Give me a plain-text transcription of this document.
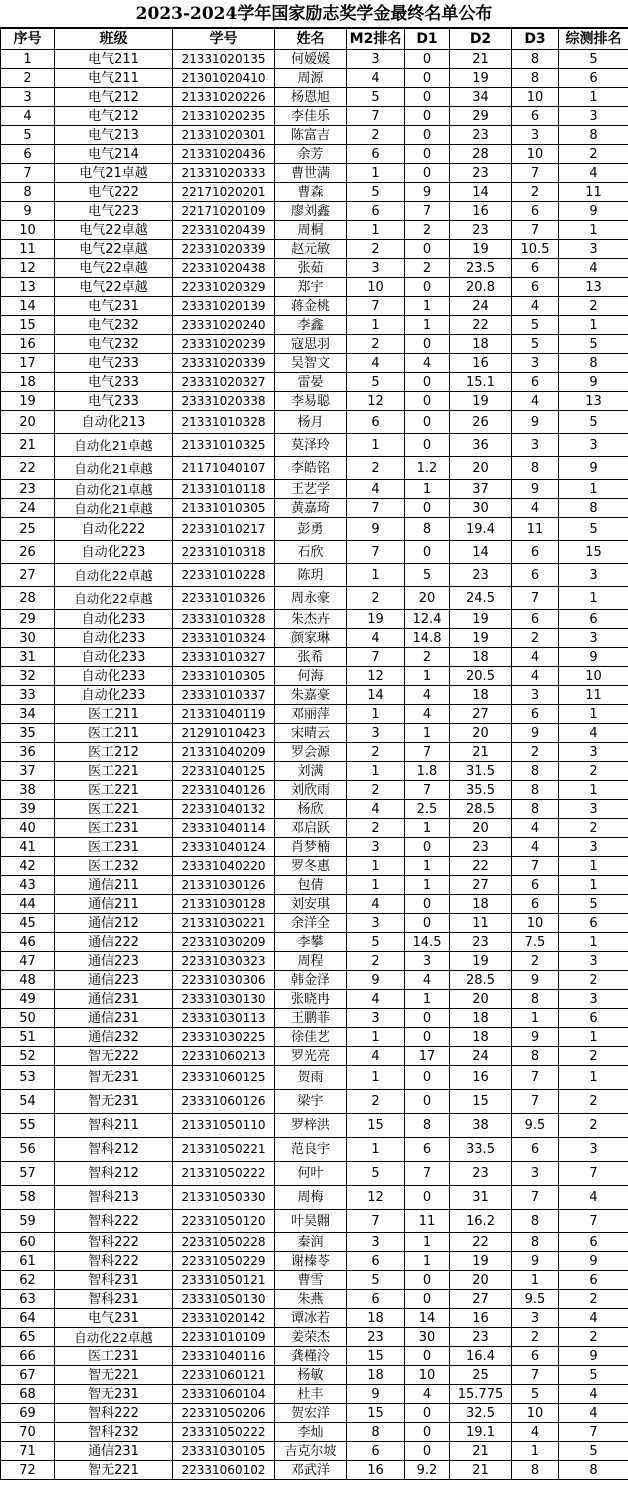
2023-2024学年国家励志奖学金最终名单公布
序号	班级	学号	姓名	M2排名	D1	D2	D3	综测排名
1	电气211	21331020135	何嫒媛	3	0	21	8	5
2	电气211	21301020410	周源	4	0	19	8	6
3	电气212	21331020226	杨恩旭	5	0	34	10	1
4	电气212	21331020235	李佳乐	7	0	29	6	3
5	电气213	21331020301	陈富吉	2	0	23	3	8
6	电气214	21331020436	余芳	6	0	28	10	2
7	电气21卓越	21331020333	曹世满	1	0	23	7	4
8	电气222	22171020201	曹森	5	9	14	2	11
9	电气223	22171020109	廖刘鑫	6	7	16	6	9
10	电气22卓越	22331020439	周桐	1	2	23	7	1
11	电气22卓越	22331020339	赵元敏	2	0	19	10.5	3
12	电气22卓越	22331020438	张茹	3	2	23.5	6	4
13	电气22卓越	22331020329	郑宇	10	0	20.8	6	13
14	电气231	23331020139	蒋金桃	7	1	24	4	2
15	电气232	23331020240	李鑫	1	1	22	5	1
16	电气232	23331020239	寇思羽	2	0	18	5	5
17	电气233	23331020339	吴智文	4	4	16	3	8
18	电气233	23331020327	雷晏	5	0	15.1	6	9
19	电气233	23331020338	李易聪	12	0	19	4	13
20	自动化213	21331010328	杨月	6	0	26	9	5
21	自动化21卓越	21331010325	莫泽玲	1	0	36	3	3
22	自动化21卓越	21171040107	李皓铭	2	1.2	20	8	9
23	自动化21卓越	21331010118	王艺学	4	1	37	9	1
24	自动化21卓越	21331010305	黄嘉琦	7	0	30	4	8
25	自动化222	22331010217	彭勇	9	8	19.4	11	5
26	自动化223	22331010318	石欣	7	0	14	6	15
27	自动化22卓越	22331010228	陈玥	1	5	23	6	3
28	自动化22卓越	22331010326	周永豪	2	20	24.5	7	1
29	自动化233	23331010328	朱杰卉	19	12.4	19	6	6
30	自动化233	23331010324	颜家琳	4	14.8	19	2	3
31	自动化233	23331010327	张希	7	2	18	4	9
32	自动化233	23331010305	何海	12	1	20.5	4	10
33	自动化233	23331010337	朱嘉豪	14	4	18	3	11
34	医工211	21331040119	邓丽萍	1	4	27	6	1
35	医工211	21291010423	宋晴云	3	1	20	9	4
36	医工212	21331040209	罗会源	2	7	21	2	3
37	医工221	22331040125	刘满	1	1.8	31.5	8	2
38	医工221	22331040126	刘欣雨	2	7	35.5	8	1
39	医工221	22331040132	杨欣	4	2.5	28.5	8	3
40	医工231	23331040114	邓启跃	2	1	20	4	2
41	医工231	23331040124	肖梦楠	3	0	23	4	3
42	医工232	23331040220	罗冬惠	1	1	22	7	1
43	通信211	21331030126	包倩	1	1	27	6	1
44	通信211	21331030128	刘安琪	4	0	18	6	5
45	通信212	21331030221	余洋全	3	0	11	10	6
46	通信222	22331030209	李攀	5	14.5	23	7.5	1
47	通信223	22331030323	周程	2	3	19	2	3
48	通信223	22331030306	韩金泽	9	4	28.5	9	2
49	通信231	23331030130	张晓冉	4	1	20	8	3
50	通信231	23331030113	王鹏菲	3	0	18	1	6
51	通信232	23331030225	徐佳艺	1	0	18	9	1
52	智无222	22331060213	罗光亮	4	17	24	8	2
53	智无231	23331060125	贺雨	1	0	16	7	1
54	智无231	23331060126	梁宇	2	0	15	7	2
55	智科211	21331050110	罗梓洪	15	8	38	9.5	2
56	智科212	21331050221	范良宇	1	6	33.5	6	3
57	智科212	21331050222	何叶	5	7	23	3	7
58	智科213	21331050330	周梅	12	0	31	7	4
59	智科222	22331050120	叶昊翾	7	11	16.2	8	7
60	智科222	22331050228	秦润	3	1	22	8	6
61	智科222	22331050229	谢榛苓	6	1	19	9	9
62	智科231	23331050121	曹雪	5	0	20	1	6
63	智科231	23331050130	朱燕	6	0	27	9.5	2
64	电气231	23331020142	谭冰若	18	14	16	3	4
65	自动化22卓越	22331010109	姜荣杰	23	30	23	2	2
66	医工231	23331040116	龚槿泠	15	0	16.4	6	9
67	智无221	22331060121	杨敏	18	10	25	7	5
68	智无231	23331060104	杜丰	9	4	15.775	5	4
69	智科222	22331050206	贺宏洋	15	0	32.5	10	4
70	智科232	23331050222	李灿	8	0	19.1	4	7
71	通信231	23331030105	吉克尔坡	6	0	21	1	5
72	智无221	22331060102	邓武洋	16	9.2	21	8	8
